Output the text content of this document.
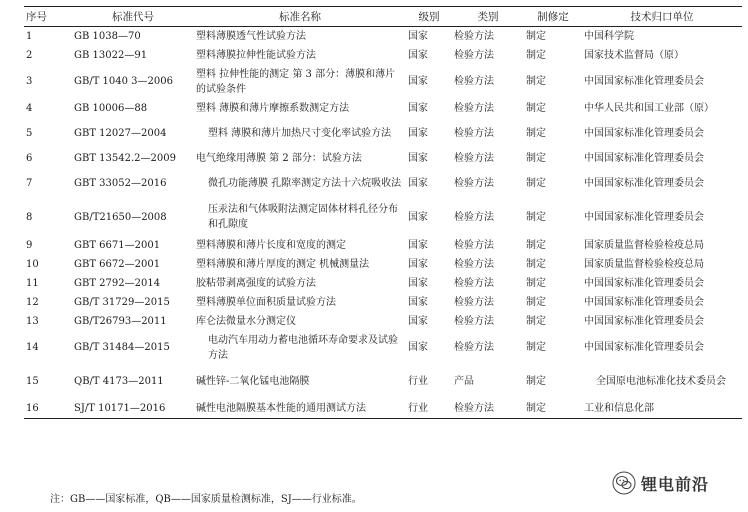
序号	标准代号	标准名称	级别	类别	制修定	技术归口单位
1	GB 1038—70	塑料薄膜透气性试验方法	国家	检验方法	制定	中国科学院
2	GB 13022—91	塑料薄膜拉伸性能试验方法	国家	检验方法	制定	国家技术监督局（原）
3	GB/T 1040 3—2006	塑料 拉伸性能的测定 第 3 部分：薄膜和薄片的试验条件	国家	检验方法	制定	中国国家标准化管理委员会
4	GB 10006—88	塑料 薄膜和薄片摩擦系数测定方法	国家	检验方法	制定	中华人民共和国工业部（原）
5	GBT 12027—2004	塑料 薄膜和薄片加热尺寸变化率试验方法	国家	检验方法	制定	中国国家标准化管理委员会
6	GBT 13542.2—2009	电气绝缘用薄膜 第 2 部分：试验方法	国家	检验方法	制定	中国国家标准化管理委员会
7	GBT 33052—2016	微孔功能薄膜 孔隙率测定方法十六烷吸收法	国家	检验方法	制定	中国国家标准化管理委员会
8	GB/T21650—2008	压汞法和气体吸附法测定固体材料孔径分布和孔隙度	国家	检验方法	制定	中国国家标准化管理委员会
9	GBT 6671—2001	塑料薄膜和薄片长度和宽度的测定	国家	检验方法	制定	国家质量监督检验检疫总局
10	GBT 6672—2001	塑料薄膜和薄片厚度的测定 机械测量法	国家	检验方法	制定	国家质量监督检验检疫总局
11	GBT 2792—2014	胶粘带剥离强度的试验方法	国家	检验方法	制定	中国国家标准化管理委员会
12	GB/T 31729—2015	塑料薄膜单位面积质量试验方法	国家	检验方法	制定	中国国家标准化管理委员会
13	GB/T26793—2011	库仑法微量水分测定仪	国家	检验方法	制定	中国国家标准化管理委员会
14	GB/T 31484—2015	电动汽车用动力蓄电池循环寿命要求及试验方法	国家	检验方法	制定	中国国家标准化管理委员会
15	QB/T 4173—2011	碱性锌-二氧化锰电池隔膜	行业	产品	制定	全国原电池标准化技术委员会
16	SJ/T 10171—2016	碱性电池隔膜基本性能的通用测试方法	行业	检验方法	制定	工业和信息化部
注：GB——国家标准，QB——国家质量检测标准，SJ——行业标准。
锂电前沿
